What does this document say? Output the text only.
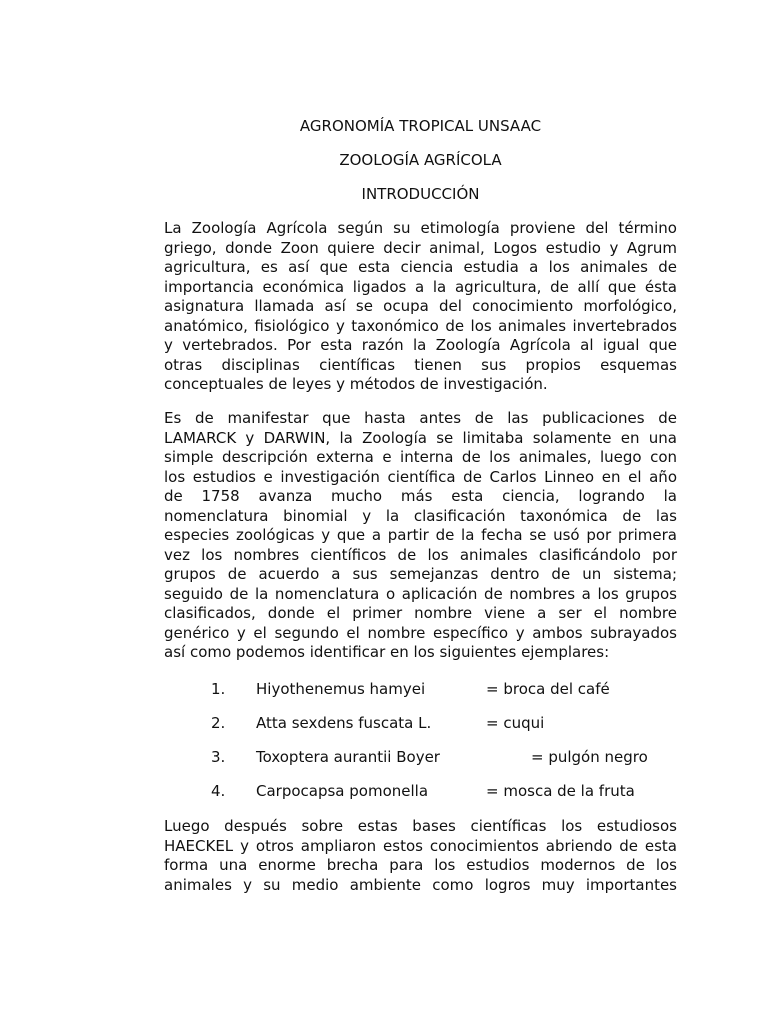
AGRONOMÍA TROPICAL UNSAAC
ZOOLOGÍA AGRÍCOLA
INTRODUCCIÓN
La Zoología Agrícola según su etimología proviene del término
griego, donde Zoon quiere decir animal, Logos estudio y Agrum
agricultura, es así que esta ciencia estudia a los animales de
importancia económica ligados a la agricultura, de allí que ésta
asignatura llamada así se ocupa del conocimiento morfológico,
anatómico, fisiológico y taxonómico de los animales invertebrados
y vertebrados. Por esta razón la Zoología Agrícola al igual que
otras disciplinas científicas tienen sus propios esquemas
conceptuales de leyes y métodos de investigación.
Es de manifestar que hasta antes de las publicaciones de
LAMARCK y DARWIN, la Zoología se limitaba solamente en una
simple descripción externa e interna de los animales, luego con
los estudios e investigación científica de Carlos Linneo en el año
de 1758 avanza mucho más esta ciencia, logrando la
nomenclatura binomial y la clasificación taxonómica de las
especies zoológicas y que a partir de la fecha se usó por primera
vez los nombres científicos de los animales clasificándolo por
grupos de acuerdo a sus semejanzas dentro de un sistema;
seguido de la nomenclatura o aplicación de nombres a los grupos
clasificados, donde el primer nombre viene a ser el nombre
genérico y el segundo el nombre específico y ambos subrayados
así como podemos identificar en los siguientes ejemplares:
1. Hiyothenemus hamyei	= broca del café
2. Atta sexdens fuscata L.	= cuqui
3. Toxoptera aurantii Boyer	= pulgón negro
4. Carpocapsa pomonella	= mosca de la fruta
Luego después sobre estas bases científicas los estudiosos
HAECKEL y otros ampliaron estos conocimientos abriendo de esta
forma una enorme brecha para los estudios modernos de los
animales y su medio ambiente como logros muy importantes
